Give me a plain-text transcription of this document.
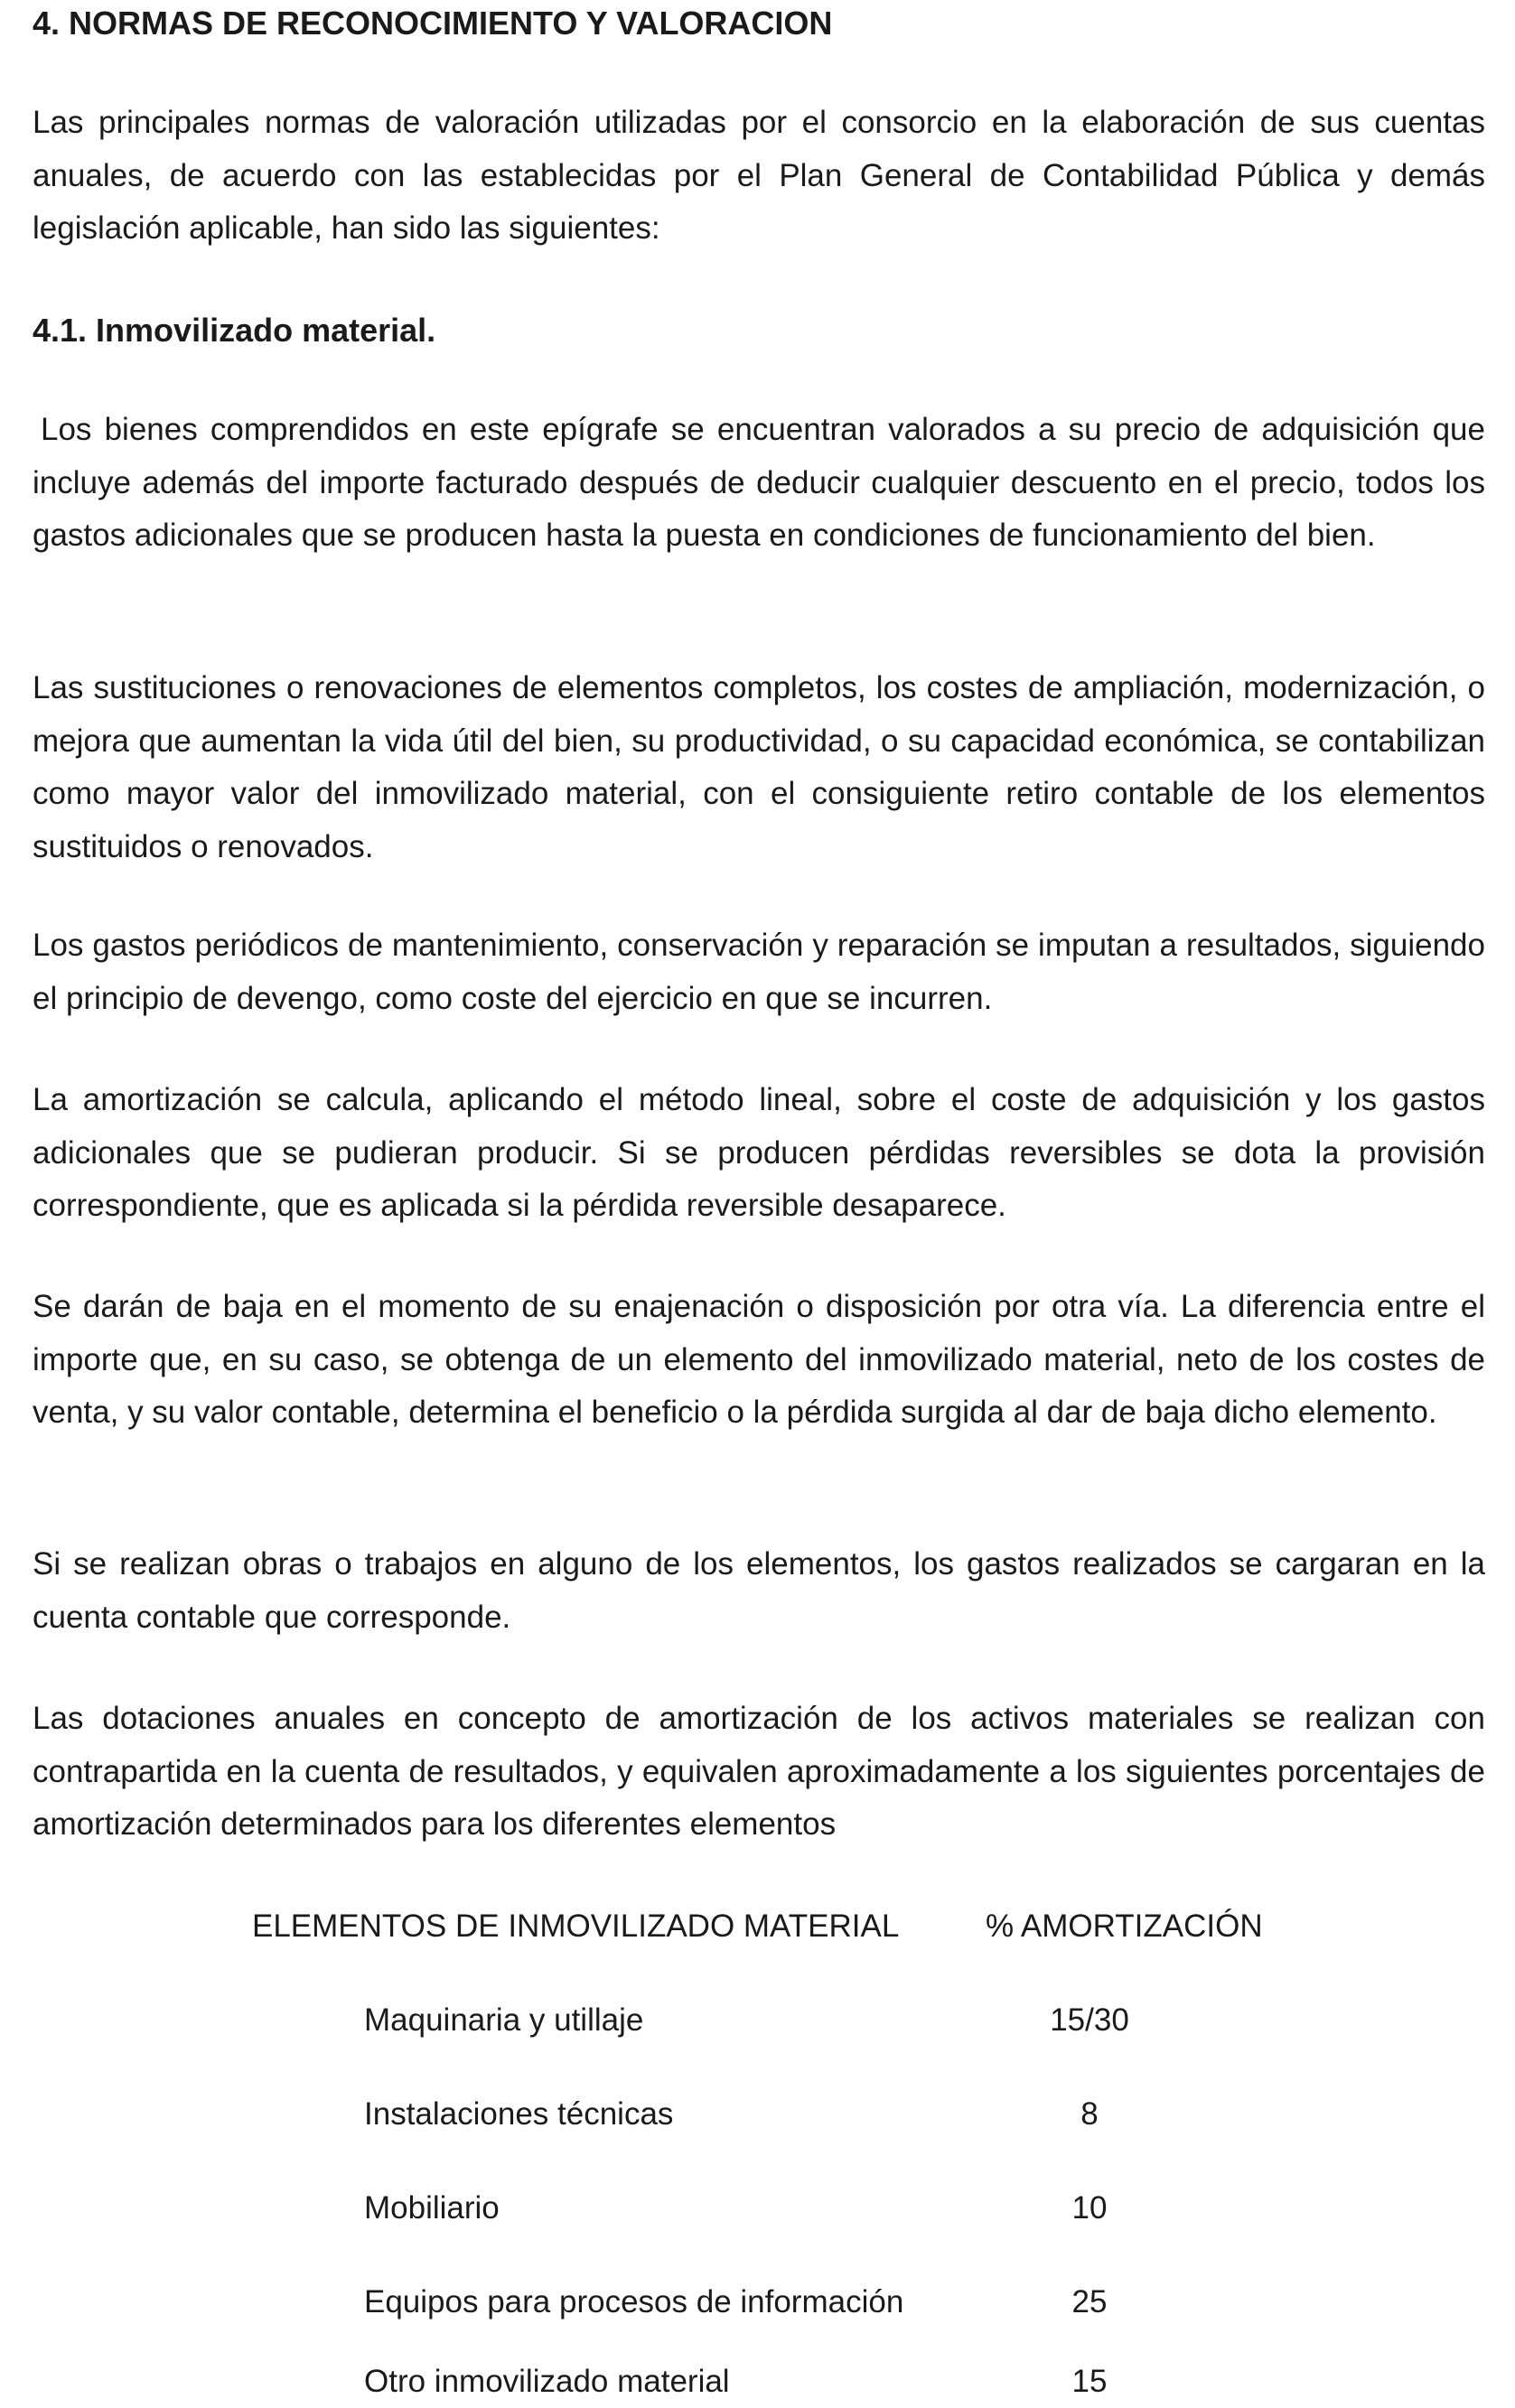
4. NORMAS DE RECONOCIMIENTO Y VALORACION

Las principales normas de valoración utilizadas por el consorcio en la elaboración de sus cuentas anuales, de acuerdo con las establecidas por el Plan General de Contabilidad Pública y demás legislación aplicable, han sido las siguientes:

4.1. Inmovilizado material.

Los bienes comprendidos en este epígrafe se encuentran valorados a su precio de adquisición que incluye además del importe facturado después de deducir cualquier descuento en el precio, todos los gastos adicionales que se producen hasta la puesta en condiciones de funcionamiento del bien.

Las sustituciones o renovaciones de elementos completos, los costes de ampliación, modernización, o mejora que aumentan la vida útil del bien, su productividad, o su capacidad económica, se contabilizan como mayor valor del inmovilizado material, con el consiguiente retiro contable de los elementos sustituidos o renovados.

Los gastos periódicos de mantenimiento, conservación y reparación se imputan a resultados, siguiendo el principio de devengo, como coste del ejercicio en que se incurren.

La amortización se calcula, aplicando el método lineal, sobre el coste de adquisición y los gastos adicionales que se pudieran producir. Si se producen pérdidas reversibles se dota la provisión correspondiente, que es aplicada si la pérdida reversible desaparece.

Se darán de baja en el momento de su enajenación o disposición por otra vía. La diferencia entre el importe que, en su caso, se obtenga de un elemento del inmovilizado material, neto de los costes de venta, y su valor contable, determina el beneficio o la pérdida surgida al dar de baja dicho elemento.

Si se realizan obras o trabajos en alguno de los elementos, los gastos realizados se cargaran en la cuenta contable que corresponde.

Las dotaciones anuales en concepto de amortización de los activos materiales se realizan con contrapartida en la cuenta de resultados, y equivalen aproximadamente a los siguientes porcentajes de amortización determinados para los diferentes elementos

ELEMENTOS DE INMOVILIZADO MATERIAL	% AMORTIZACIÓN
Maquinaria y utillaje	15/30
Instalaciones técnicas	8
Mobiliario	10
Equipos para procesos de información	25
Otro inmovilizado material	15
